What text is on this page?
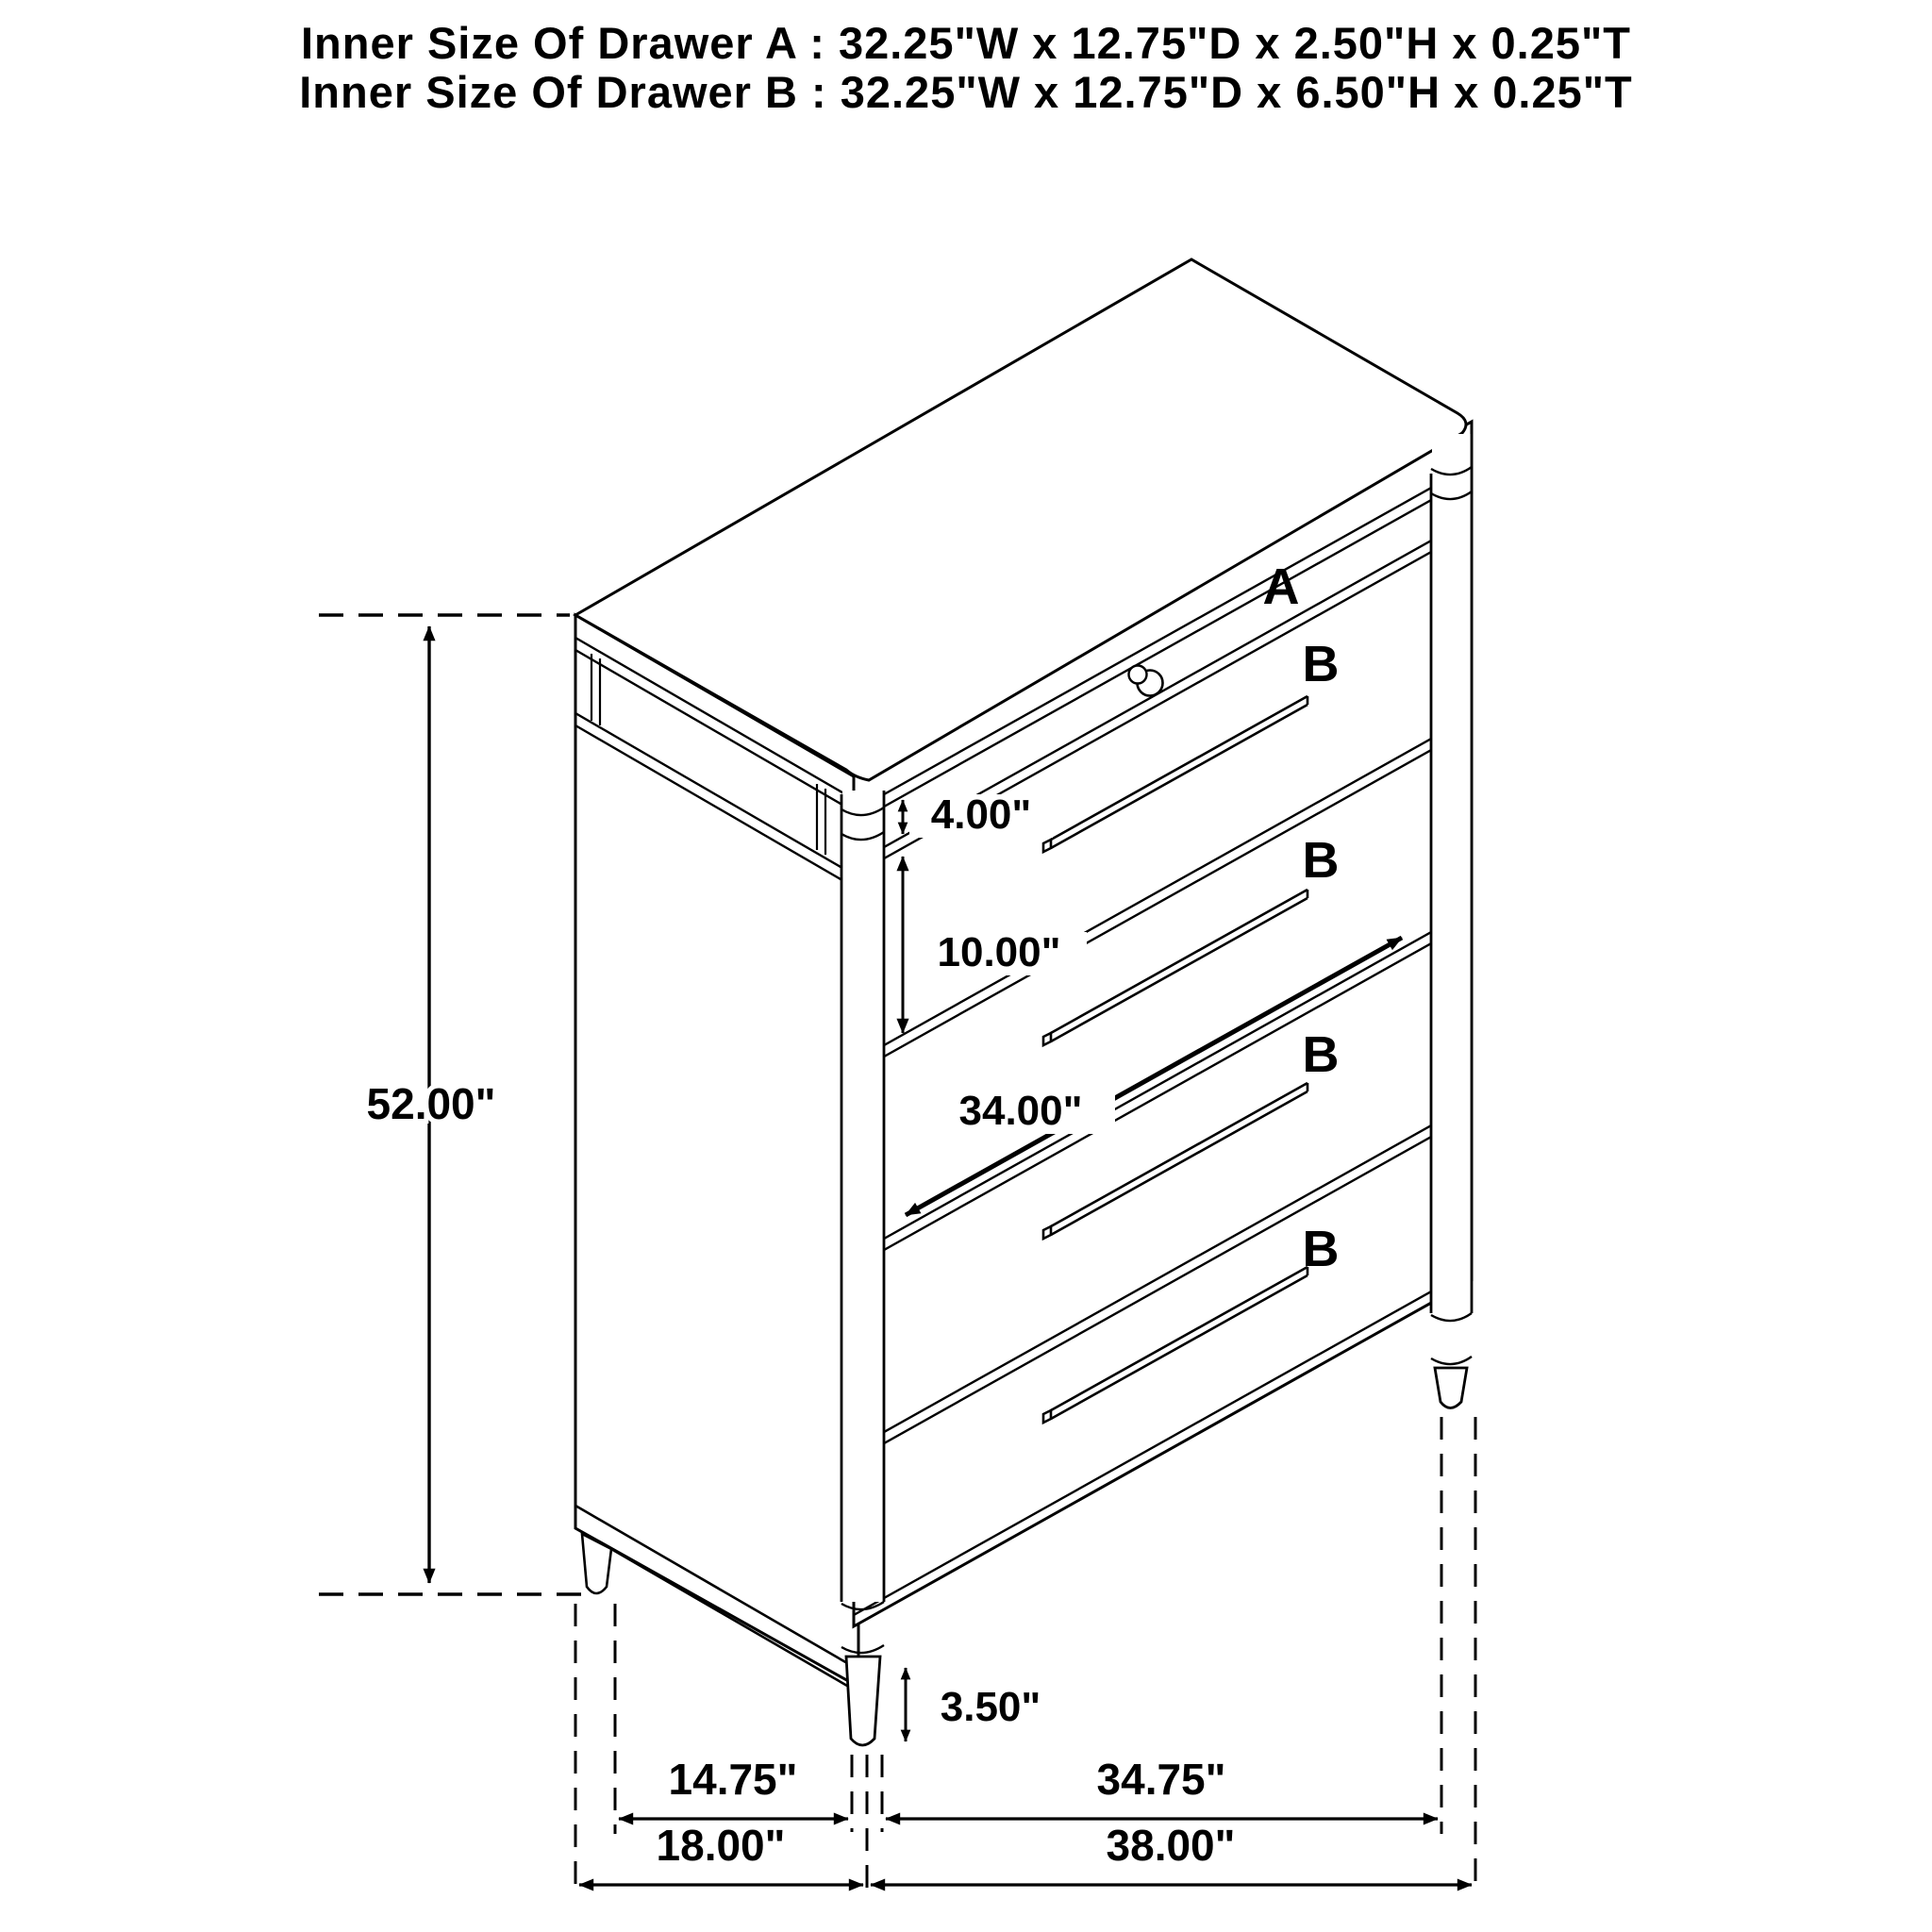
Inner Size Of Drawer A : 32.25"W x 12.75"D x 2.50"H x 0.25"T
Inner Size Of Drawer B : 32.25"W x 12.75"D x 6.50"H x 0.25"T
A
B
B
B
B
52.00"
4.00"
10.00"
34.00"
3.50"
14.75"	34.75"
18.00"	38.00"
